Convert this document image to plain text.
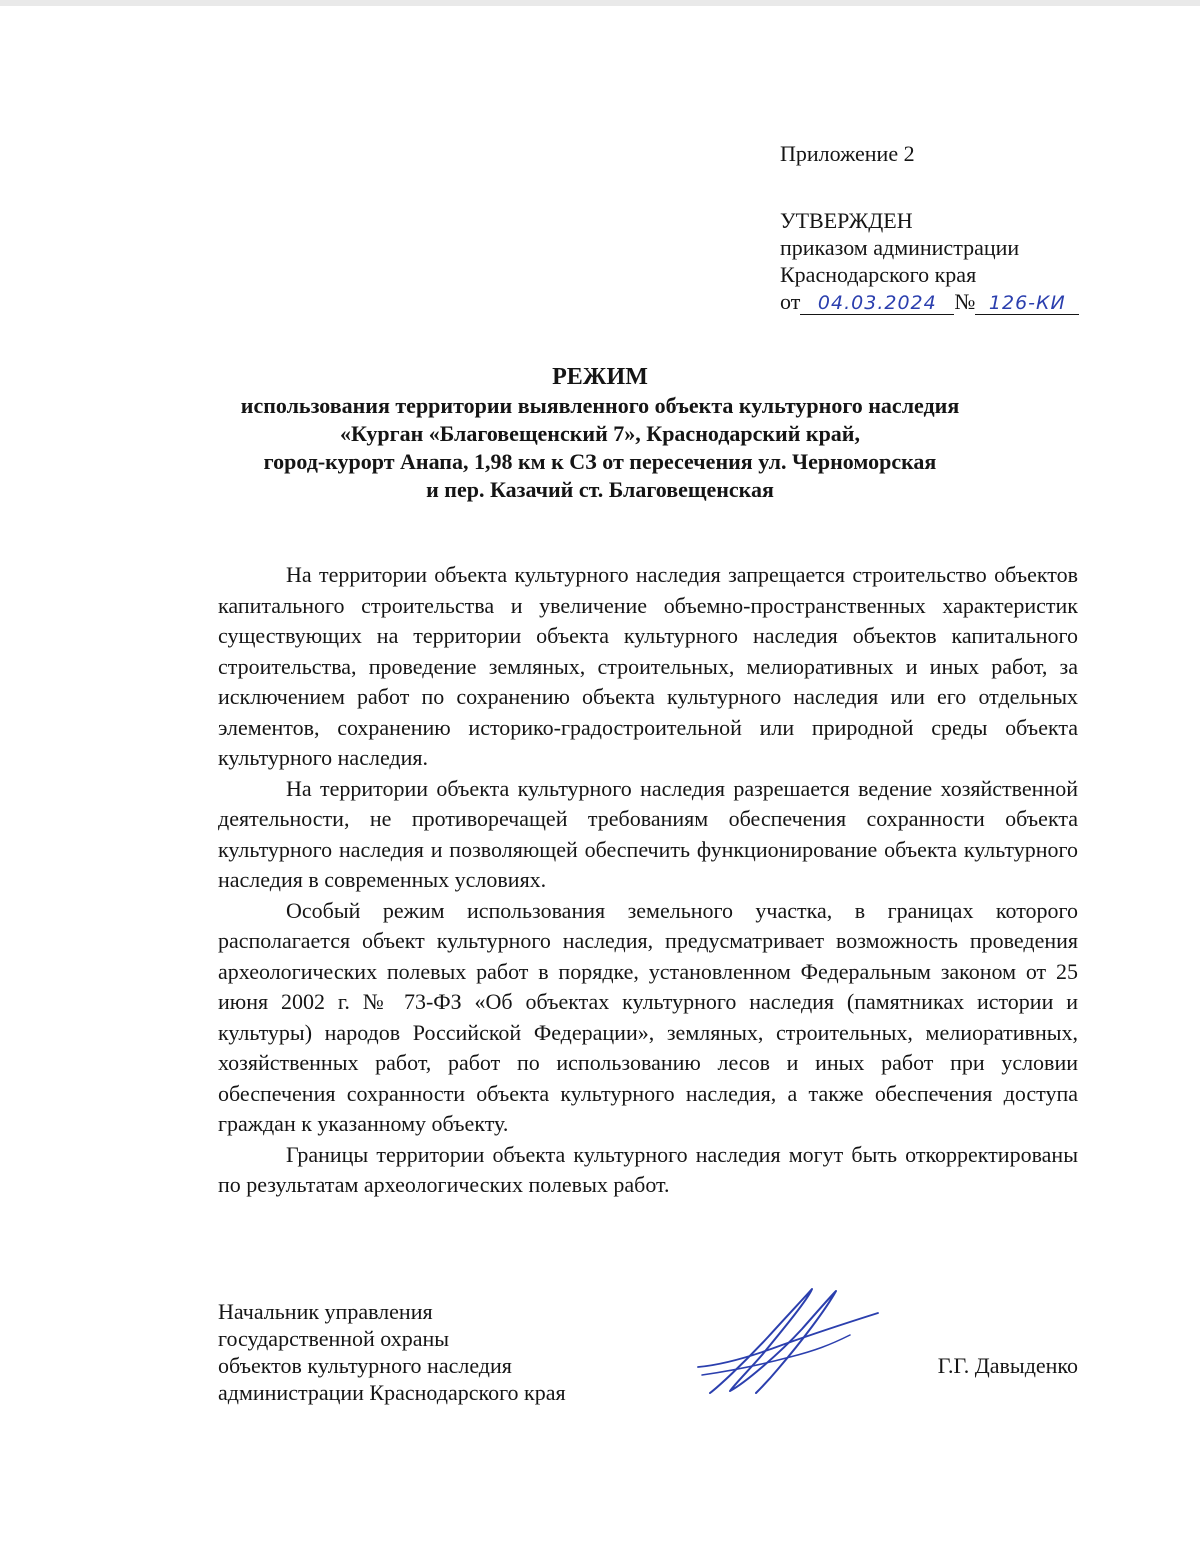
Приложение 2
УТВЕРЖДЕН
приказом администрации
Краснодарского края
от 04.03.2024 № 126-КИ
РЕЖИМ
использования территории выявленного объекта культурного наследия
«Курган «Благовещенский 7», Краснодарский край,
город-курорт Анапа, 1,98 км к СЗ от пересечения ул. Черноморская
и пер. Казачий ст. Благовещенская

На территории объекта культурного наследия запрещается строительство объектов капитального строительства и увеличение объемно-пространственных характеристик существующих на территории объекта культурного наследия объектов капитального строительства, проведение земляных, строительных, мелиоративных и иных работ, за исключением работ по сохранению объекта культурного наследия или его отдельных элементов, сохранению историко-градостроительной или природной среды объекта культурного наследия.

На территории объекта культурного наследия разрешается ведение хозяйственной деятельности, не противоречащей требованиям обеспечения сохранности объекта культурного наследия и позволяющей обеспечить функционирование объекта культурного наследия в современных условиях.

Особый режим использования земельного участка, в границах которого располагается объект культурного наследия, предусматривает возможность проведения археологических полевых работ в порядке, установленном Федеральным законом от 25 июня 2002 г. № 73-ФЗ «Об объектах культурного наследия (памятниках истории и культуры) народов Российской Федерации», земляных, строительных, мелиоративных, хозяйственных работ, работ по использованию лесов и иных работ при условии обеспечения сохранности объекта культурного наследия, а также обеспечения доступа граждан к указанному объекту.

Границы территории объекта культурного наследия могут быть откорректированы по результатам археологических полевых работ.

Начальник управления
государственной охраны
объектов культурного наследия
администрации Краснодарского края
Г.Г. Давыденко
